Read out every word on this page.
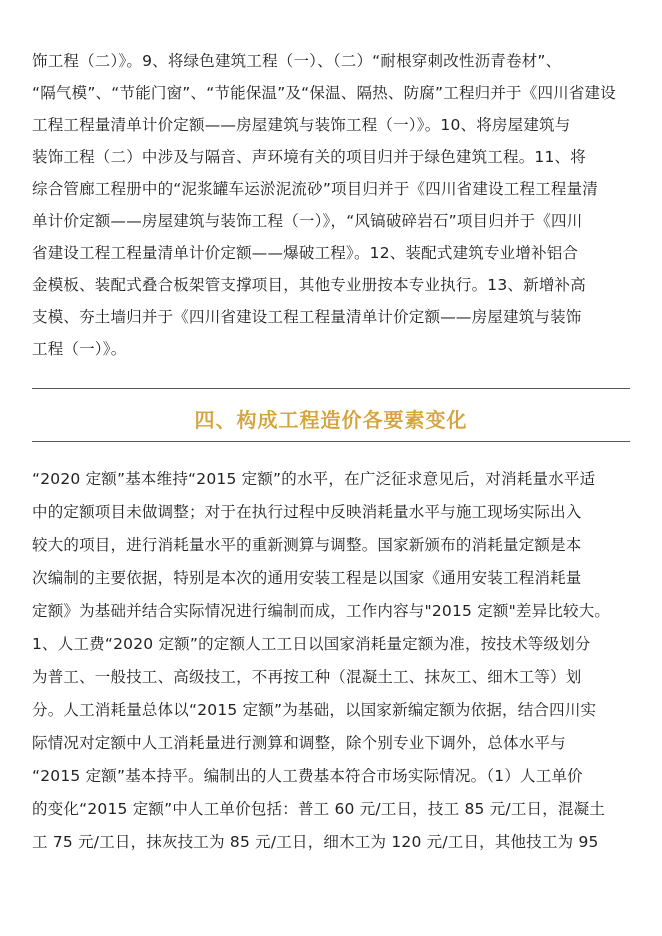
饰工程（二）》。9、将绿色建筑工程（一）、（二）“耐根穿刺改性沥青卷材”、
“隔气模”、“节能门窗”、“节能保温”及“保温、隔热、防腐”工程归并于《四川省建设
工程工程量清单计价定额——房屋建筑与装饰工程（一）》。10、将房屋建筑与
装饰工程（二）中涉及与隔音、声环境有关的项目归并于绿色建筑工程。11、将
综合管廊工程册中的“泥浆罐车运淤泥流砂”项目归并于《四川省建设工程工程量清
单计价定额——房屋建筑与装饰工程（一）》，“风镐破碎岩石”项目归并于《四川
省建设工程工程量清单计价定额——爆破工程》。12、装配式建筑专业增补铝合
金模板、装配式叠合板架管支撑项目，其他专业册按本专业执行。13、新增补高
支模、夯土墙归并于《四川省建设工程工程量清单计价定额——房屋建筑与装饰
工程（一）》。
四、构成工程造价各要素变化
“2020 定额”基本维持“2015 定额”的水平，在广泛征求意见后，对消耗量水平适
中的定额项目未做调整；对于在执行过程中反映消耗量水平与施工现场实际出入
较大的项目，进行消耗量水平的重新测算与调整。国家新颁布的消耗量定额是本
次编制的主要依据，特别是本次的通用安装工程是以国家《通用安装工程消耗量
定额》为基础并结合实际情况进行编制而成，工作内容与"2015 定额"差异比较大。
1、人工费“2020 定额”的定额人工工日以国家消耗量定额为准，按技术等级划分
为普工、一般技工、高级技工，不再按工种（混凝土工、抹灰工、细木工等）划
分。人工消耗量总体以“2015 定额”为基础，以国家新编定额为依据，结合四川实
际情况对定额中人工消耗量进行测算和调整，除个别专业下调外，总体水平与
“2015 定额”基本持平。编制出的人工费基本符合市场实际情况。（1）人工单价
的变化“2015 定额”中人工单价包括：普工 60 元/工日，技工 85 元/工日，混凝土
工 75 元/工日，抹灰技工为 85 元/工日，细木工为 120 元/工日，其他技工为 95
